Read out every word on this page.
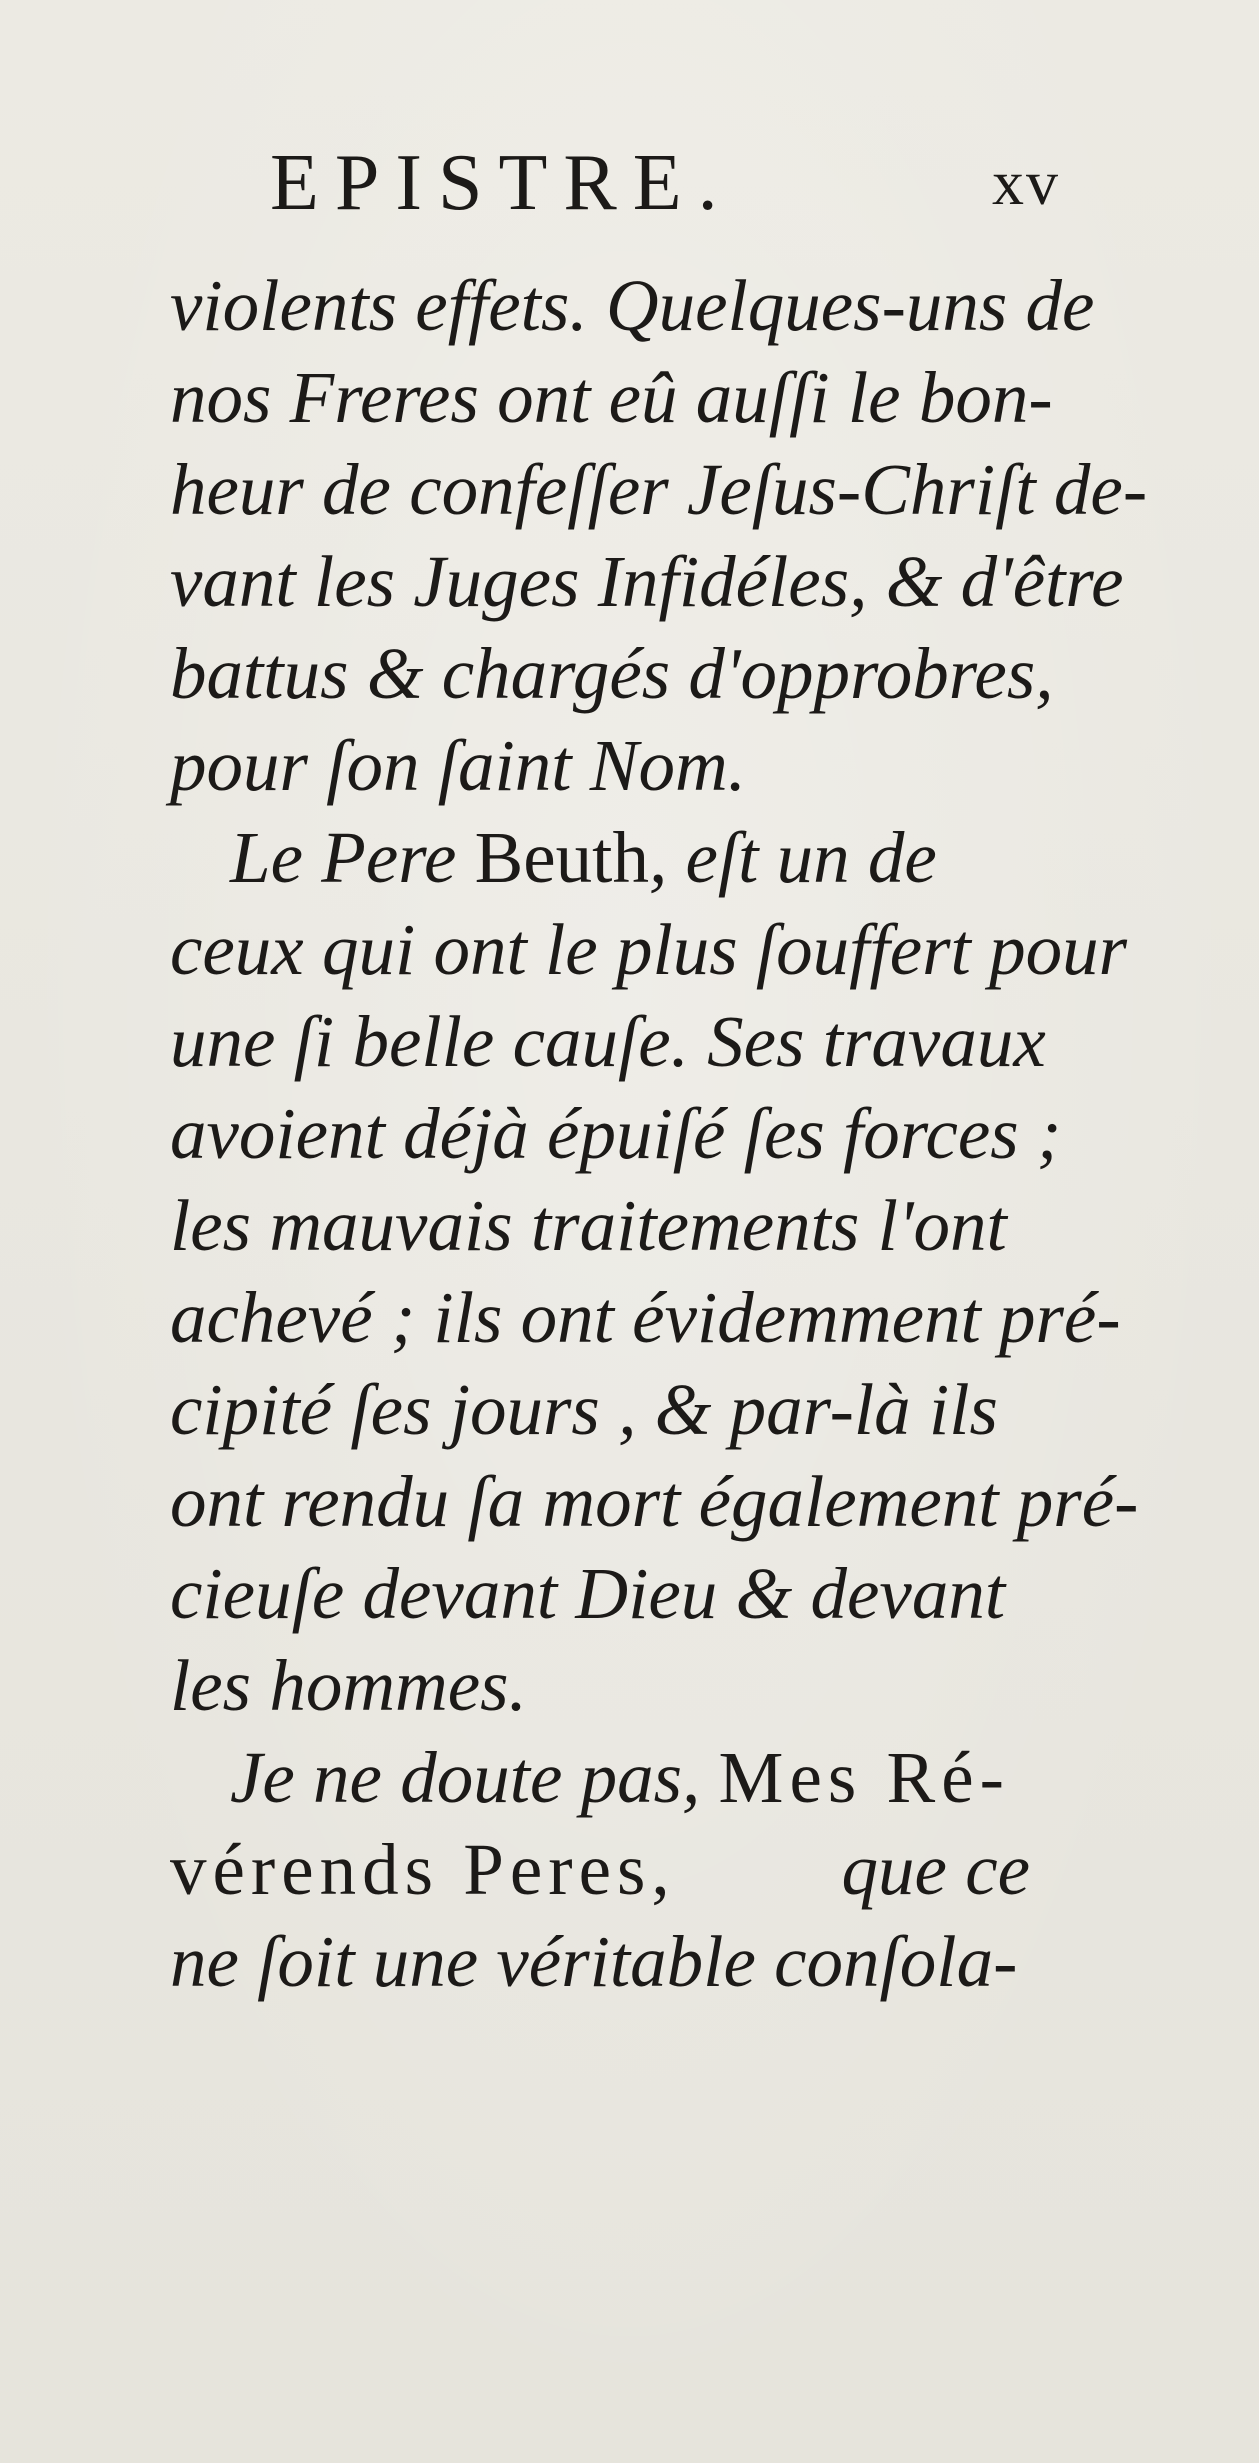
EPISTRE.	xv
violents effets. Quelques-uns de
nos Freres ont eû auſſi le bon-
heur de confeſſer Jeſus-Chriſt de-
vant les Juges Infidéles, & d'être
battus & chargés d'opprobres,
pour ſon ſaint Nom.
Le Pere Beuth, eſt un de
ceux qui ont le plus ſouffert pour
une ſi belle cauſe. Ses travaux
avoient déjà épuiſé ſes forces ;
les mauvais traitements l'ont
achevé ; ils ont évidemment pré-
cipité ſes jours , & par-là ils
ont rendu ſa mort également pré-
cieuſe devant Dieu & devant
les hommes.
Je ne doute pas, Mes Ré-
vérends Peres, que ce
ne ſoit une véritable conſola-
